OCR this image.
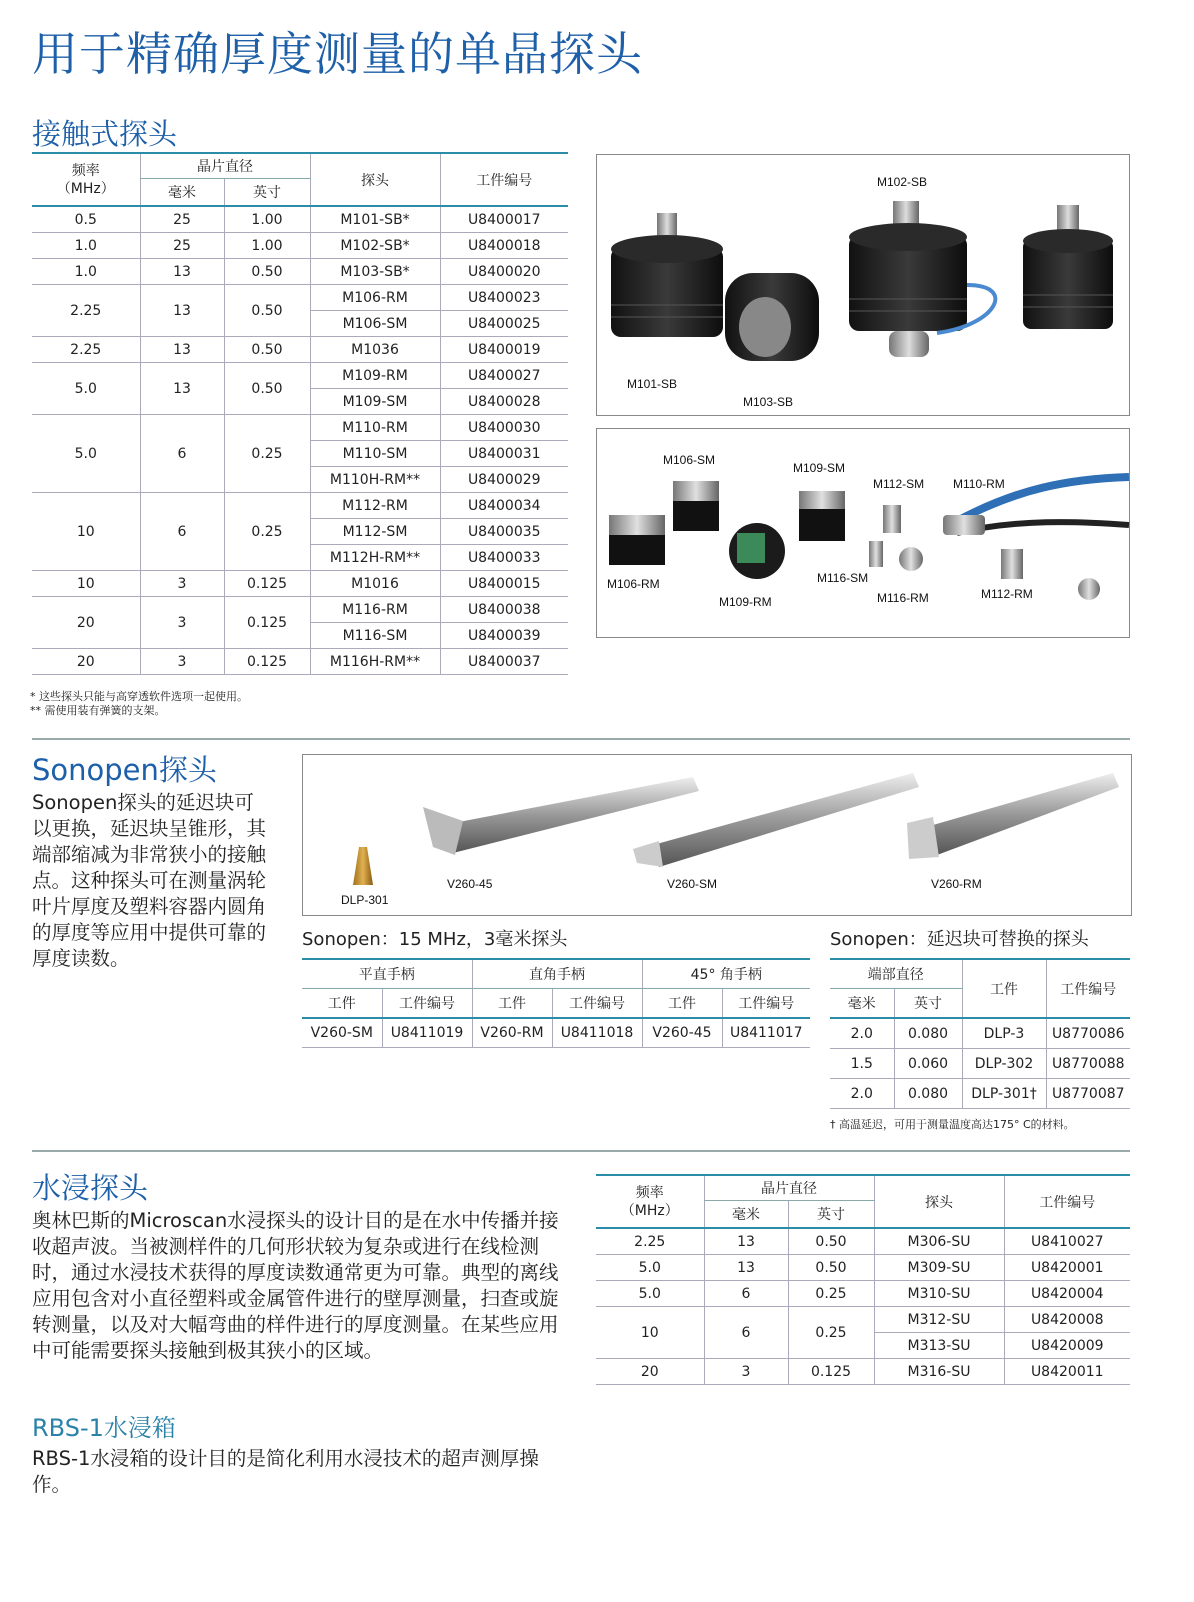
用于精确厚度测量的单晶探头
接触式探头
频率
（MHz）	晶片直径		探头	工件编号
	毫米	英寸		
0.5	25	1.00	M101-SB*	U8400017
1.0	25	1.00	M102-SB*	U8400018
1.0	13	0.50	M103-SB*	U8400020
2.25	13	0.50	M106-RM	U8400023
			M106-SM	U8400025
2.25	13	0.50	M1036	U8400019
5.0	13	0.50	M109-RM	U8400027
			M109-SM	U8400028
5.0	6	0.25	M110-RM	U8400030
			M110-SM	U8400031
			M110H-RM**	U8400029
10	6	0.25	M112-RM	U8400034
			M112-SM	U8400035
			M112H-RM**	U8400033
10	3	0.125	M1016	U8400015
20	3	0.125	M116-RM	U8400038
			M116-SM	U8400039
20	3	0.125	M116H-RM**	U8400037
* 这些探头只能与高穿透软件选项一起使用。
** 需使用装有弹簧的支架。
M102-SB
M101-SB
M103-SB
M106-SM
M109-SM
M112-SM M110-RM
M106-RM
M109-RM
M116-SM
M116-RM	M112-RM
Sonopen探头
Sonopen探头的延迟块可以更换，延迟块呈锥形，其端部缩减为非常狭小的接触点。这种探头可在测量涡轮叶片厚度及塑料容器内圆角的厚度等应用中提供可靠的厚度读数。
DLP-301
V260-45	V260-SM	V260-RM
Sonopen：15 MHz，3毫米探头
平直手柄		直角手柄		45° 角手柄	
工件	工件编号	工件	工件编号	工件	工件编号
V260-SM	U8411019	V260-RM	U8411018	V260-45	U8411017
Sonopen：延迟块可替换的探头
端部直径		工件	工件编号
毫米	英寸		
2.0	0.080	DLP-3	U8770086
1.5	0.060	DLP-302	U8770088
2.0	0.080	DLP-301†	U8770087
† 高温延迟，可用于测量温度高达175° C的材料。
水浸探头
奥林巴斯的Microscan水浸探头的设计目的是在水中传播并接收超声波。当被测样件的几何形状较为复杂或进行在线检测时，通过水浸技术获得的厚度读数通常更为可靠。典型的离线应用包含对小直径塑料或金属管件进行的壁厚测量，扫查或旋转测量，以及对大幅弯曲的样件进行的厚度测量。在某些应用中可能需要探头接触到极其狭小的区域。
频率
（MHz）	晶片直径		探头	工件编号
	毫米	英寸		
2.25	13	0.50	M306-SU	U8410027
5.0	13	0.50	M309-SU	U8420001
5.0	6	0.25	M310-SU	U8420004
10	6	0.25	M312-SU	U8420008
			M313-SU	U8420009
20	3	0.125	M316-SU	U8420011
RBS-1水浸箱
RBS-1水浸箱的设计目的是简化利用水浸技术的超声测厚操作。
